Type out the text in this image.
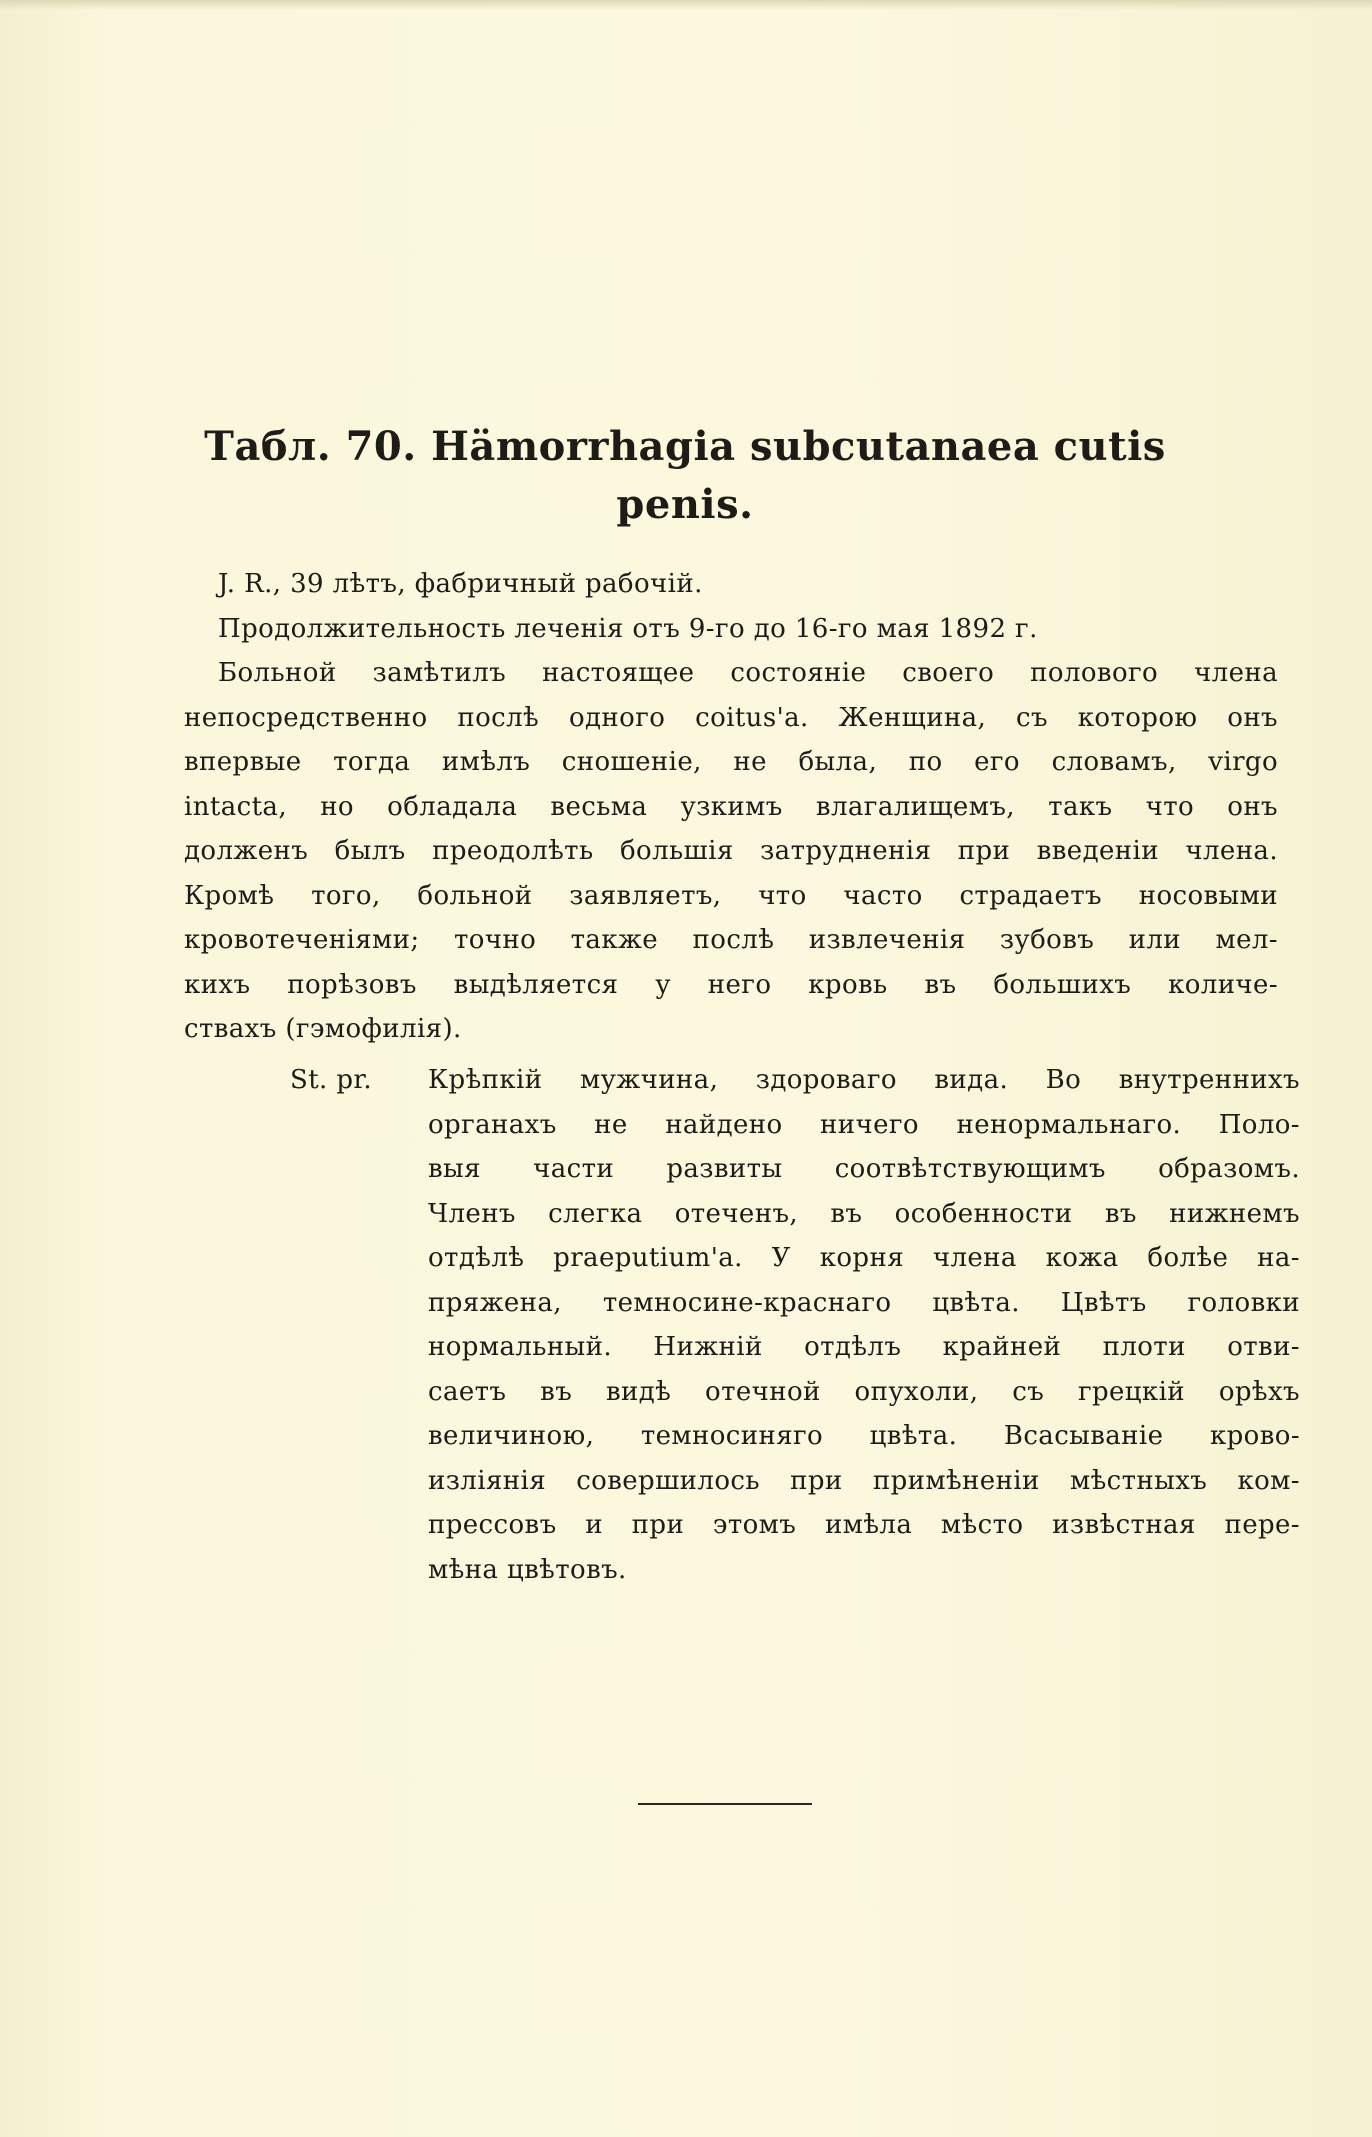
Табл. 70. Hämorrhagia subcutanaea cutis
penis.
J. R., 39 лѣтъ, фабричный рабочій.
Продолжительность леченія отъ 9-го до 16-го мая 1892 г.
Больной замѣтилъ настоящее состояніе своего полового члена
непосредственно послѣ одного coitus'а. Женщина, съ которою онъ
впервые тогда имѣлъ сношеніе, не была, по его словамъ, virgo
intacta, но обладала весьма узкимъ влагалищемъ, такъ что онъ
долженъ былъ преодолѣть большія затрудненія при введеніи члена.
Кромѣ того, больной заявляетъ, что часто страдаетъ носовыми
кровотеченіями; точно также послѣ извлеченія зубовъ или мел-
кихъ порѣзовъ выдѣляется у него кровь въ большихъ количе-
ствахъ (гэмофилія).
St. pr. Крѣпкій мужчина, здороваго вида. Во внутреннихъ
органахъ не найдено ничего ненормальнаго. Поло-
выя части развиты соотвѣтствующимъ образомъ.
Членъ слегка отеченъ, въ особенности въ нижнемъ
отдѣлѣ praeputium'а. У корня члена кожа болѣе на-
пряжена, темносине-краснаго цвѣта. Цвѣтъ головки
нормальный. Нижній отдѣлъ крайней плоти отви-
саетъ въ видѣ отечной опухоли, съ грецкій орѣхъ
величиною, темносиняго цвѣта. Всасываніе крово-
изліянія совершилось при примѣненіи мѣстныхъ ком-
прессовъ и при этомъ имѣла мѣсто извѣстная пере-
мѣна цвѣтовъ.
